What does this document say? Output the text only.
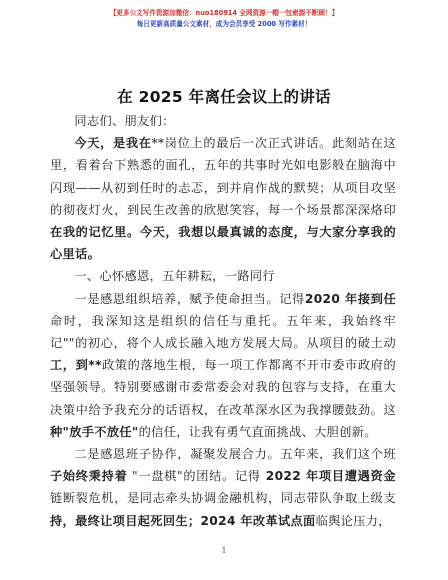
【更多公文写作资源加微信：nuo180914 全网资源一帽一包索源不断顾！】
每日更新高质量公文素材，成为会员享受 2000 写作素材！
在 2025 年离任会议上的讲话

同志们、朋友们：

今天，是我在**岗位上的最后一次正式讲话。此刻站在这里，看着台下熟悉的面孔，五年的共事时光如电影般在脑海中闪现——从初到任时的忐忑，到并肩作战的默契；从项目攻坚的彻夜灯火，到民生改善的欣慰笑容，每一个场景都深深烙印在我的记忆里。今天，我想以最真诚的态度，与大家分享我的心里话。

一、心怀感恩，五年耕耘，一路同行

一是感恩组织培养，赋予使命担当。记得2020 年接到任命时，我深知这是组织的信任与重托。五年来，我始终牢记""的初心，将个人成长融入地方发展大局。从项目的破土动工，到**政策的落地生根，每一项工作都离不开市委市政府的坚强领导。特别要感谢市委常委会对我的包容与支持，在重大决策中给予我充分的话语权，在改革深水区为我撑腰鼓劲。这种"放手不放任"的信任，让我有勇气直面挑战、大胆创新。

二是感恩班子协作，凝聚发展合力。五年来，我们这个班子始终秉持着 "一盘棋"的团结。记得 2022 年项目遭遇资金链断裂危机，是同志牵头协调金融机构，同志带队争取上级支持，最终让项目起死回生；2024 年改革试点面临舆论压力，

1
